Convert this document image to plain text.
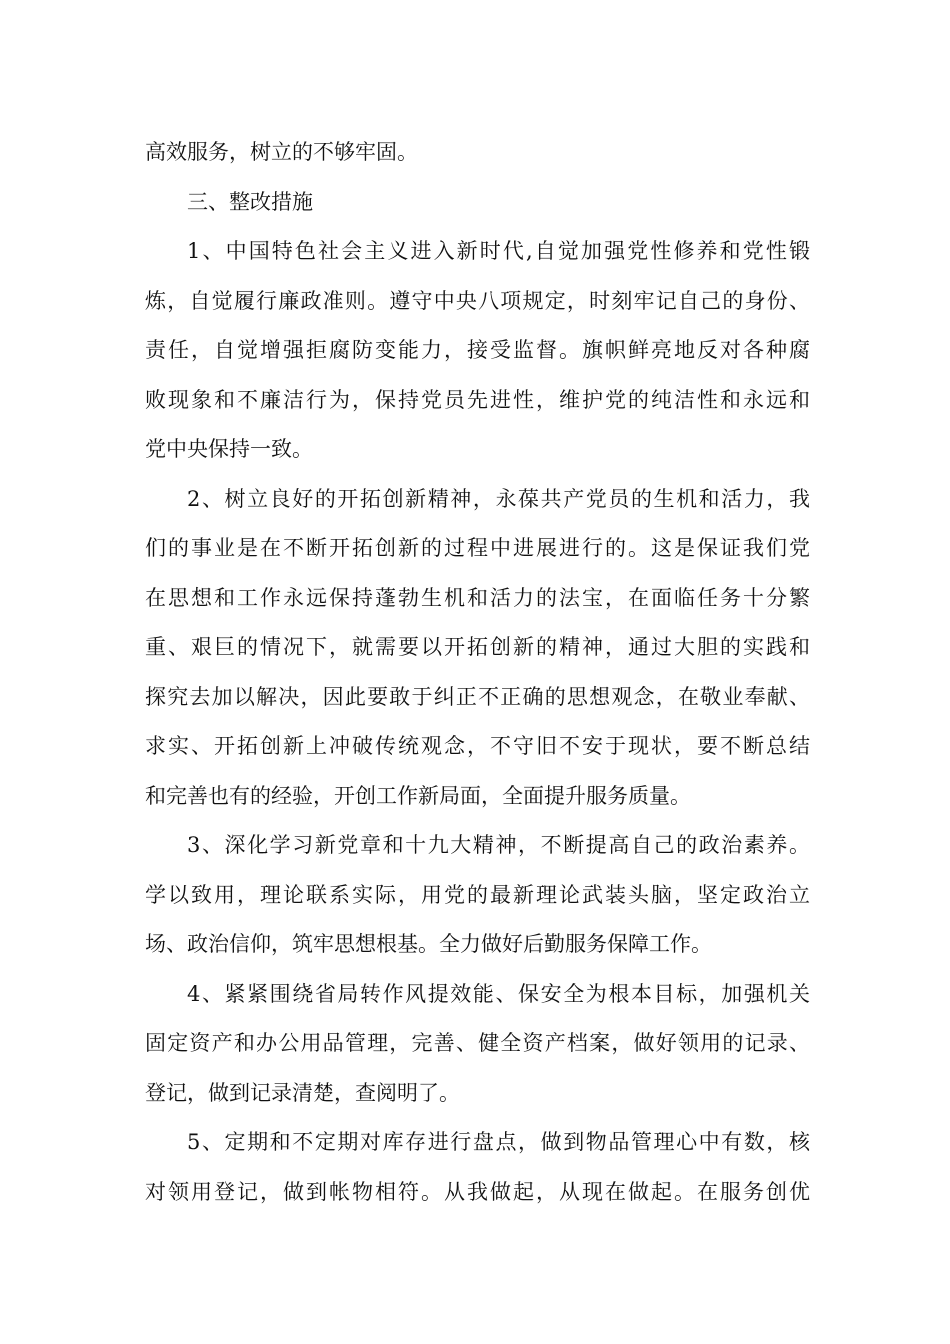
高效服务，树立的不够牢固。
三、整改措施
1、中国特色社会主义进入新时代,自觉加强党性修养和党性锻
炼，自觉履行廉政准则。遵守中央八项规定，时刻牢记自己的身份、
责任，自觉增强拒腐防变能力，接受监督。旗帜鲜亮地反对各种腐
败现象和不廉洁行为，保持党员先进性，维护党的纯洁性和永远和
党中央保持一致。
2、树立良好的开拓创新精神，永葆共产党员的生机和活力，我
们的事业是在不断开拓创新的过程中进展进行的。这是保证我们党
在思想和工作永远保持蓬勃生机和活力的法宝，在面临任务十分繁
重、艰巨的情况下，就需要以开拓创新的精神，通过大胆的实践和
探究去加以解决，因此要敢于纠正不正确的思想观念，在敬业奉献、
求实、开拓创新上冲破传统观念，不守旧不安于现状，要不断总结
和完善也有的经验，开创工作新局面，全面提升服务质量。
3、深化学习新党章和十九大精神，不断提高自己的政治素养。
学以致用，理论联系实际，用党的最新理论武装头脑，坚定政治立
场、政治信仰，筑牢思想根基。全力做好后勤服务保障工作。
4、紧紧围绕省局转作风提效能、保安全为根本目标，加强机关
固定资产和办公用品管理，完善、健全资产档案，做好领用的记录、
登记，做到记录清楚，查阅明了。
5、定期和不定期对库存进行盘点，做到物品管理心中有数，核
对领用登记，做到帐物相符。从我做起，从现在做起。在服务创优
